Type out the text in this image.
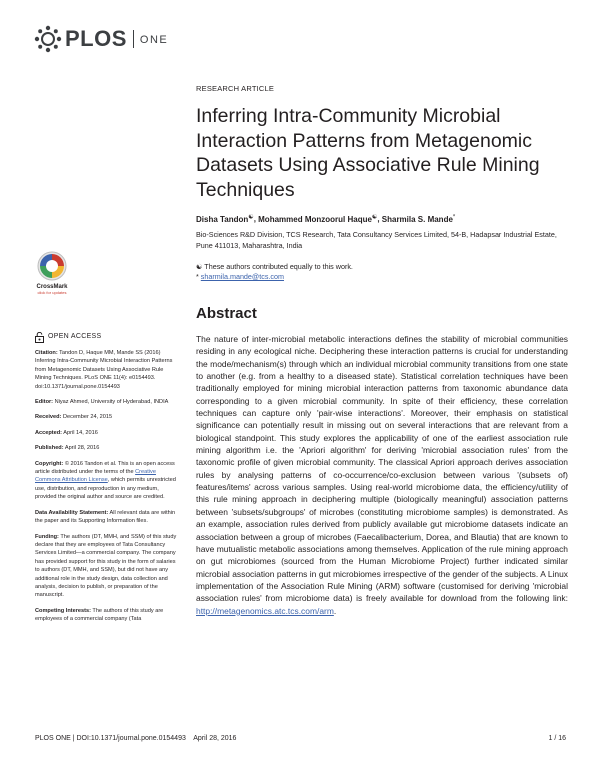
PLOS ONE
RESEARCH ARTICLE
Inferring Intra-Community Microbial Interaction Patterns from Metagenomic Datasets Using Associative Rule Mining Techniques
Disha Tandon☯, Mohammed Monzoorul Haque☯, Sharmila S. Mande*
Bio-Sciences R&D Division, TCS Research, Tata Consultancy Services Limited, 54-B, Hadapsar Industrial Estate, Pune 411013, Maharashtra, India
☯ These authors contributed equally to this work.
* sharmila.mande@tcs.com
CrossMark
click for updates
OPEN ACCESS
Citation: Tandon D, Haque MM, Mande SS (2016) Inferring Intra-Community Microbial Interaction Patterns from Metagenomic Datasets Using Associative Rule Mining Techniques. PLoS ONE 11(4): e0154493. doi:10.1371/journal.pone.0154493
Editor: Niyaz Ahmed, University of Hyderabad, INDIA
Received: December 24, 2015
Accepted: April 14, 2016
Published: April 28, 2016
Copyright: © 2016 Tandon et al. This is an open access article distributed under the terms of the Creative Commons Attribution License, which permits unrestricted use, distribution, and reproduction in any medium, provided the original author and source are credited.
Data Availability Statement: All relevant data are within the paper and its Supporting Information files.
Funding: The authors (DT, MMH, and SSM) of this study declare that they are employees of Tata Consultancy Services Limited—a commercial company. The company has provided support for this study in the form of salaries to authors (DT, MMH, and SSM), but did not have any additional role in the study design, data collection and analysis, decision to publish, or preparation of the manuscript.
Competing Interests: The authors of this study are employees of a commercial company (Tata
Abstract

The nature of inter-microbial metabolic interactions defines the stability of microbial communities residing in any ecological niche. Deciphering these interaction patterns is crucial for understanding the mode/mechanism(s) through which an individual microbial community transitions from one state to another (e.g. from a healthy to a diseased state). Statistical correlation techniques have been traditionally employed for mining microbial interaction patterns from taxonomic abundance data corresponding to a given microbial community. In spite of their efficiency, these correlation techniques can capture only 'pair-wise interactions'. Moreover, their emphasis on statistical significance can potentially result in missing out on several interactions that are relevant from a biological standpoint. This study explores the applicability of one of the earliest association rule mining algorithm i.e. the 'Apriori algorithm' for deriving 'microbial association rules' from the taxonomic profile of given microbial community. The classical Apriori approach derives association rules by analysing patterns of co-occurrence/co-exclusion between various '(subsets of) features/items' across various samples. Using real-world microbiome data, the efficiency/utility of this rule mining approach in deciphering multiple (biologically meaningful) association patterns between 'subsets/subgroups' of microbes (constituting microbiome samples) is demonstrated. As an example, association rules derived from publicly available gut microbiome datasets indicate an association between a group of microbes (Faecalibacterium, Dorea, and Blautia) that are known to have mutualistic metabolic associations among themselves. Application of the rule mining approach on gut microbiomes (sourced from the Human Microbiome Project) further indicated similar microbial association patterns in gut microbiomes irrespective of the gender of the subjects. A Linux implementation of the Association Rule Mining (ARM) software (customised for deriving 'microbial association rules' from microbiome data) is freely available for download from the following link: http://metagenomics.atc.tcs.com/arm.

PLOS ONE | DOI:10.1371/journal.pone.0154493    April 28, 2016	1 / 16
